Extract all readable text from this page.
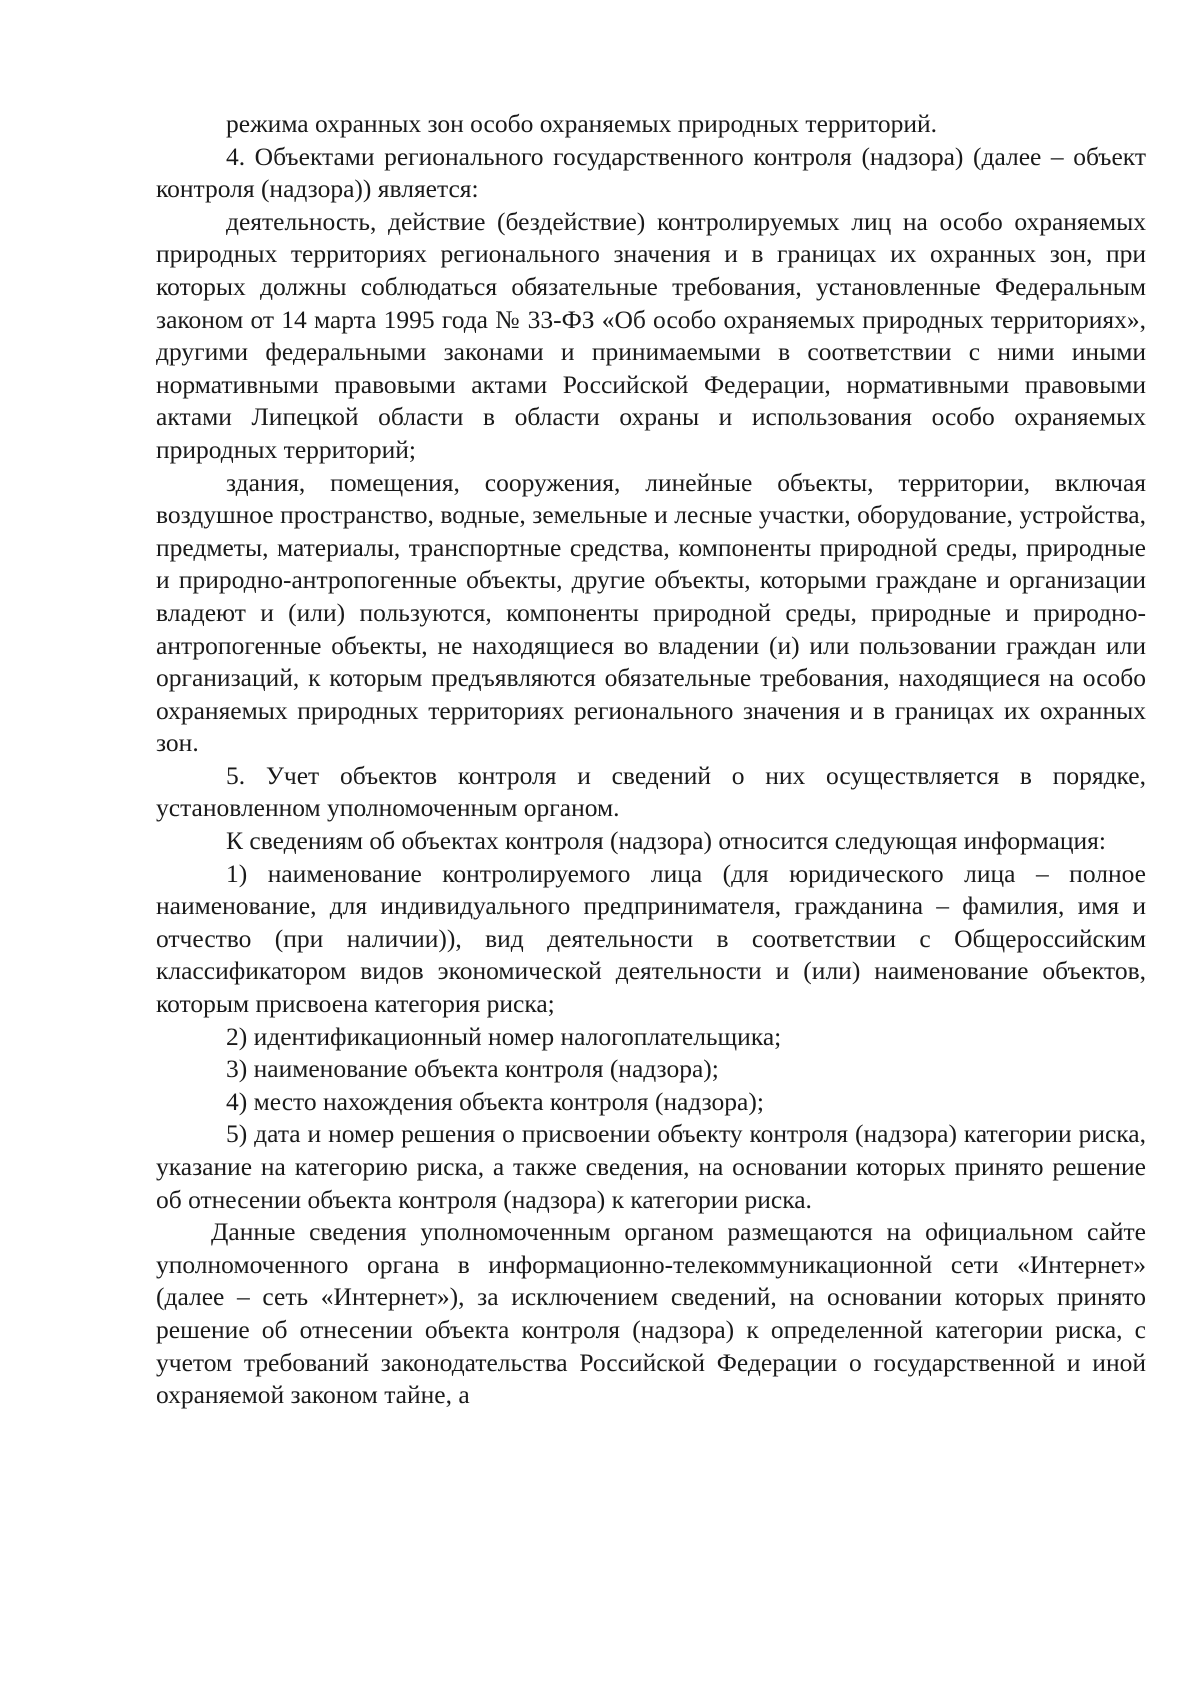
режима охранных зон особо охраняемых природных территорий.

4. Объектами регионального государственного контроля (надзора) (далее – объект контроля (надзора)) является:

деятельность, действие (бездействие) контролируемых лиц на особо охраняемых природных территориях регионального значения и в границах их охранных зон, при которых должны соблюдаться обязательные требования, установленные Федеральным законом от 14 марта 1995 года № 33-ФЗ «Об особо охраняемых природных территориях», другими федеральными законами и принимаемыми в соответствии с ними иными нормативными правовыми актами Российской Федерации, нормативными правовыми актами Липецкой области в области охраны и использования особо охраняемых природных территорий;

здания, помещения, сооружения, линейные объекты, территории, включая воздушное пространство, водные, земельные и лесные участки, оборудование, устройства, предметы, материалы, транспортные средства, компоненты природной среды, природные и природно-антропогенные объекты, другие объекты, которыми граждане и организации владеют и (или) пользуются, компоненты природной среды, природные и природно-антропогенные объекты, не находящиеся во владении (и) или пользовании граждан или организаций, к которым предъявляются обязательные требования, находящиеся на особо охраняемых природных территориях регионального значения и в границах их охранных зон.

5. Учет объектов контроля и сведений о них осуществляется в порядке, установленном уполномоченным органом.

К сведениям об объектах контроля (надзора) относится следующая информация:

1) наименование контролируемого лица (для юридического лица – полное наименование, для индивидуального предпринимателя, гражданина – фамилия, имя и отчество (при наличии)), вид деятельности в соответствии с Общероссийским классификатором видов экономической деятельности и (или) наименование объектов, которым присвоена категория риска;

2) идентификационный номер налогоплательщика;

3) наименование объекта контроля (надзора);

4) место нахождения объекта контроля (надзора);

5) дата и номер решения о присвоении объекту контроля (надзора) категории риска, указание на категорию риска, а также сведения, на основании которых принято решение об отнесении объекта контроля (надзора) к категории риска.

Данные сведения уполномоченным органом размещаются на официальном сайте уполномоченного органа в информационно-телекоммуникационной сети «Интернет» (далее – сеть «Интернет»), за исключением сведений, на основании которых принято решение об отнесении объекта контроля (надзора) к определенной категории риска, с учетом требований законодательства Российской Федерации о государственной и иной охраняемой законом тайне, а
